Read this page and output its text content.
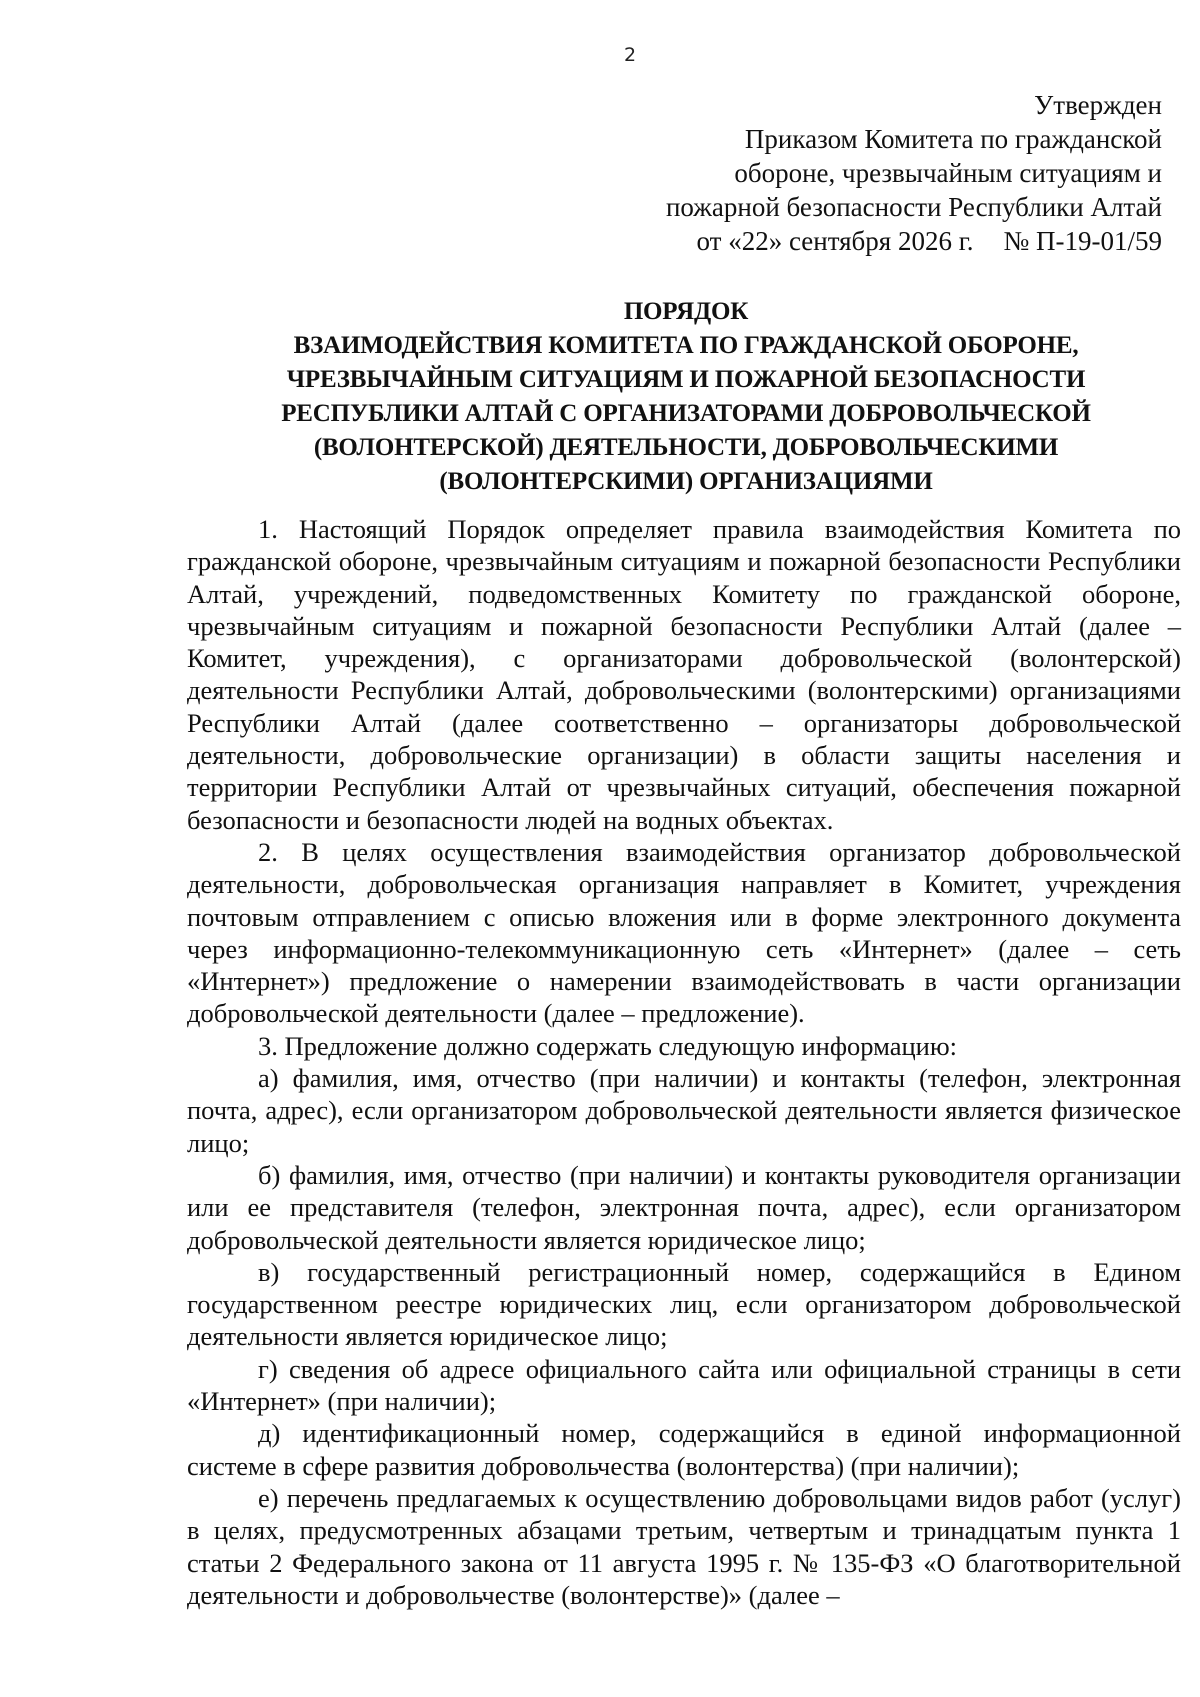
2
Утвержден
Приказом Комитета по гражданской
обороне, чрезвычайным ситуациям и
пожарной безопасности Республики Алтай
от «22» сентября 2026 г. № П-19-01/59
ПОРЯДОК
ВЗАИМОДЕЙСТВИЯ КОМИТЕТА ПО ГРАЖДАНСКОЙ ОБОРОНЕ,
ЧРЕЗВЫЧАЙНЫМ СИТУАЦИЯМ И ПОЖАРНОЙ БЕЗОПАСНОСТИ
РЕСПУБЛИКИ АЛТАЙ С ОРГАНИЗАТОРАМИ ДОБРОВОЛЬЧЕСКОЙ
(ВОЛОНТЕРСКОЙ) ДЕЯТЕЛЬНОСТИ, ДОБРОВОЛЬЧЕСКИМИ
(ВОЛОНТЕРСКИМИ) ОРГАНИЗАЦИЯМИ

1. Настоящий Порядок определяет правила взаимодействия Комитета по гражданской обороне, чрезвычайным ситуациям и пожарной безопасности Республики Алтай, учреждений, подведомственных Комитету по гражданской обороне, чрезвычайным ситуациям и пожарной безопасности Республики Алтай (далее – Комитет, учреждения), с организаторами добровольческой (волонтерской) деятельности Республики Алтай, добровольческими (волонтерскими) организациями Республики Алтай (далее соответственно – организаторы добровольческой деятельности, добровольческие организации) в области защиты населения и территории Республики Алтай от чрезвычайных ситуаций, обеспечения пожарной безопасности и безопасности людей на водных объектах.

2. В целях осуществления взаимодействия организатор добровольческой деятельности, добровольческая организация направляет в Комитет, учреждения почтовым отправлением с описью вложения или в форме электронного документа через информационно-телекоммуникационную сеть «Интернет» (далее – сеть «Интернет») предложение о намерении взаимодействовать в части организации добровольческой деятельности (далее – предложение).

3. Предложение должно содержать следующую информацию:

а) фамилия, имя, отчество (при наличии) и контакты (телефон, электронная почта, адрес), если организатором добровольческой деятельности является физическое лицо;

б) фамилия, имя, отчество (при наличии) и контакты руководителя организации или ее представителя (телефон, электронная почта, адрес), если организатором добровольческой деятельности является юридическое лицо;

в) государственный регистрационный номер, содержащийся в Едином государственном реестре юридических лиц, если организатором добровольческой деятельности является юридическое лицо;

г) сведения об адресе официального сайта или официальной страницы в сети «Интернет» (при наличии);

д) идентификационный номер, содержащийся в единой информационной системе в сфере развития добровольчества (волонтерства) (при наличии);

е) перечень предлагаемых к осуществлению добровольцами видов работ (услуг) в целях, предусмотренных абзацами третьим, четвертым и тринадцатым пункта 1 статьи 2 Федерального закона от 11 августа 1995 г. № 135-ФЗ «О благотворительной деятельности и добровольчестве (волонтерстве)» (далее –
